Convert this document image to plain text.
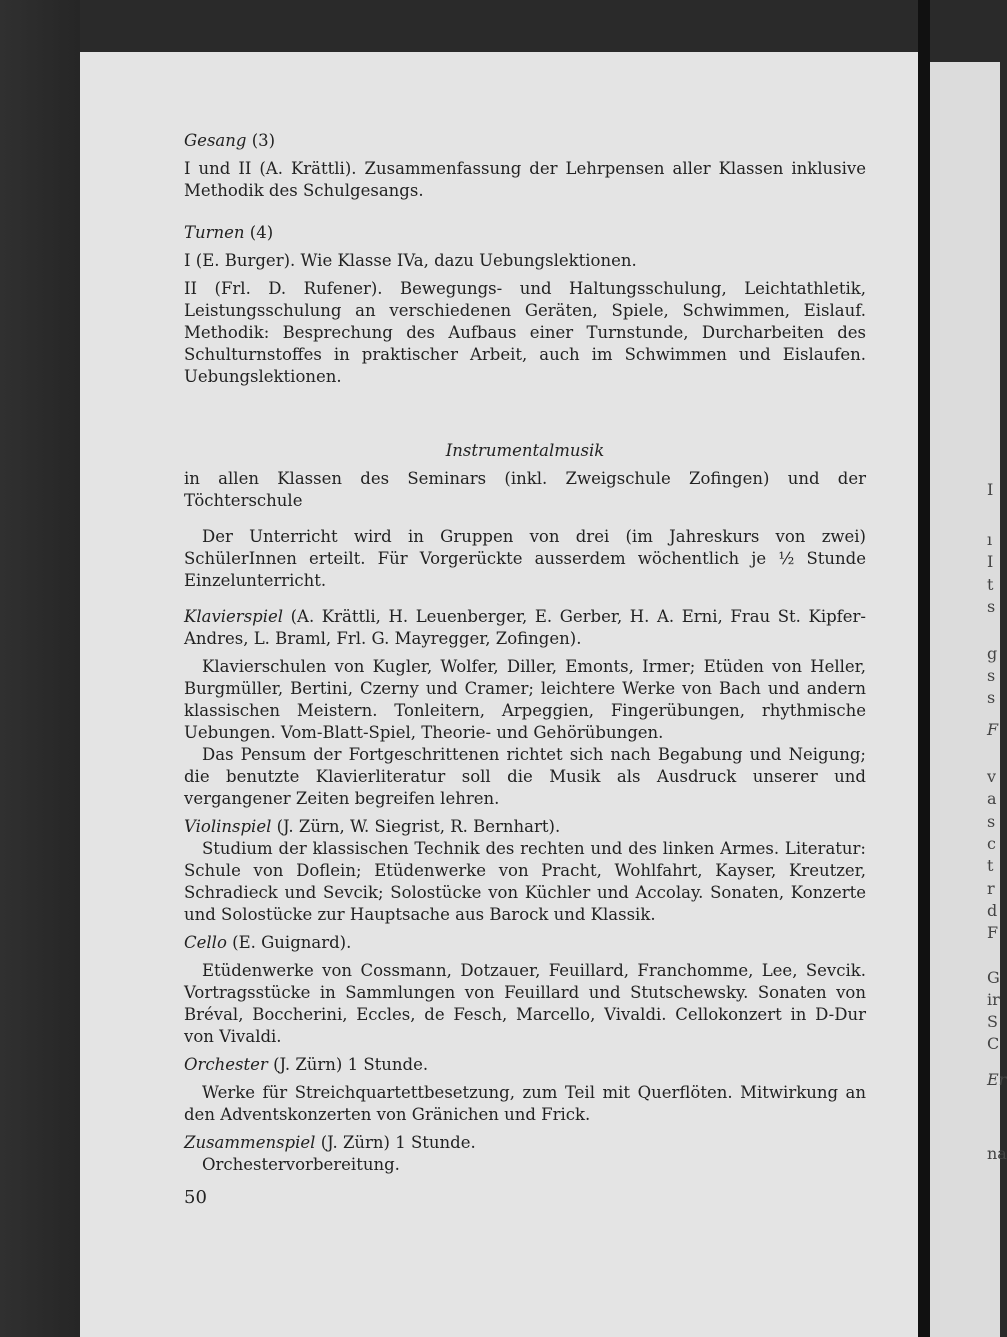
I
ı
I
t
s
g
s
s
F
v
a
s
c
t
r
d
F
G
ir
S
C
Er
na
Gesang (3)

I und II (A. Krättli). Zusammenfassung der Lehrpensen aller Klassen inklusive Methodik des Schulgesangs.

Turnen (4)

I (E. Burger). Wie Klasse IVa, dazu Uebungslektionen.

II (Frl. D. Rufener). Bewegungs- und Haltungsschulung, Leichtathletik, Leistungsschulung an verschiedenen Geräten, Spiele, Schwimmen, Eislauf. Methodik: Besprechung des Aufbaus einer Turnstunde, Durcharbeiten des Schulturnstoffes in praktischer Arbeit, auch im Schwimmen und Eislaufen. Uebungslektionen.

Instrumentalmusik

in allen Klassen des Seminars (inkl. Zweigschule Zofingen) und der Töchterschule

Der Unterricht wird in Gruppen von drei (im Jahreskurs von zwei) SchülerInnen erteilt. Für Vorgerückte ausserdem wöchentlich je ½ Stunde Einzelunterricht.

Klavierspiel (A. Krättli, H. Leuenberger, E. Gerber, H. A. Erni, Frau St. Kipfer-Andres, L. Braml, Frl. G. Mayregger, Zofingen).

Klavierschulen von Kugler, Wolfer, Diller, Emonts, Irmer; Etüden von Heller, Burgmüller, Bertini, Czerny und Cramer; leichtere Werke von Bach und andern klassischen Meistern. Tonleitern, Arpeggien, Fingerübungen, rhythmische Uebungen. Vom-Blatt-Spiel, Theorie- und Gehörübungen.

Das Pensum der Fortgeschrittenen richtet sich nach Begabung und Neigung; die benutzte Klavierliteratur soll die Musik als Ausdruck unserer und vergangener Zeiten begreifen lehren.

Violinspiel (J. Zürn, W. Siegrist, R. Bernhart).

Studium der klassischen Technik des rechten und des linken Armes. Literatur: Schule von Doflein; Etüdenwerke von Pracht, Wohlfahrt, Kayser, Kreutzer, Schradieck und Sevcik; Solostücke von Küchler und Accolay. Sonaten, Konzerte und Solostücke zur Hauptsache aus Barock und Klassik.

Cello (E. Guignard).

Etüdenwerke von Cossmann, Dotzauer, Feuillard, Franchomme, Lee, Sevcik. Vortragsstücke in Sammlungen von Feuillard und Stutschewsky. Sonaten von Bréval, Boccherini, Eccles, de Fesch, Marcello, Vivaldi. Cellokonzert in D-Dur von Vivaldi.

Orchester (J. Zürn) 1 Stunde.

Werke für Streichquartettbesetzung, zum Teil mit Querflöten. Mitwirkung an den Adventskonzerten von Gränichen und Frick.

Zusammenspiel (J. Zürn) 1 Stunde.

Orchestervorbereitung.

50
